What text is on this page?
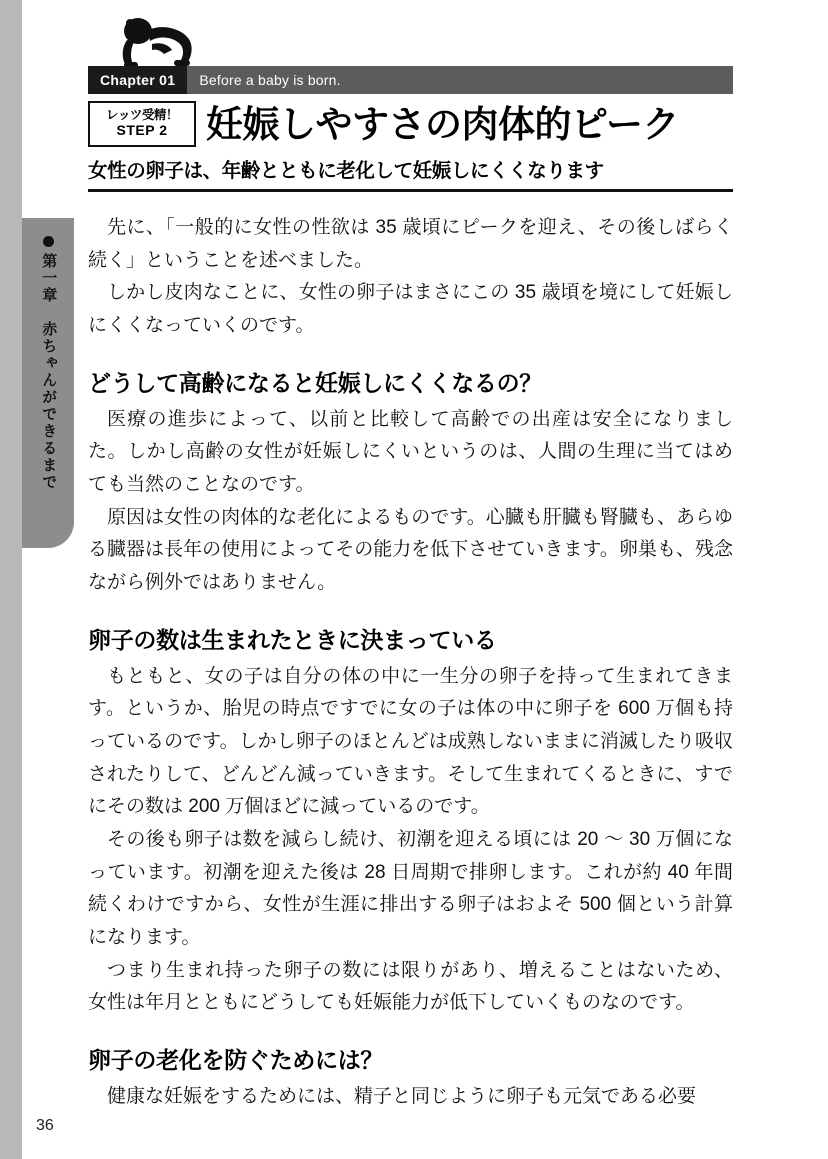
第一章　赤ちゃんができるまで
Chapter 01	Before a baby is born.
レッツ受精！
STEP 2 妊娠しやすさの肉体的ピーク
女性の卵子は、年齢とともに老化して妊娠しにくくなります

先に、「一般的に女性の性欲は 35 歳頃にピークを迎え、その後しばらく続く」ということを述べました。

しかし皮肉なことに、女性の卵子はまさにこの 35 歳頃を境にして妊娠しにくくなっていくのです。

どうして高齢になると妊娠しにくくなるの？

医療の進歩によって、以前と比較して高齢での出産は安全になりました。しかし高齢の女性が妊娠しにくいというのは、人間の生理に当てはめても当然のことなのです。

原因は女性の肉体的な老化によるものです。心臓も肝臓も腎臓も、あらゆる臓器は長年の使用によってその能力を低下させていきます。卵巣も、残念ながら例外ではありません。

卵子の数は生まれたときに決まっている

もともと、女の子は自分の体の中に一生分の卵子を持って生まれてきます。というか、胎児の時点ですでに女の子は体の中に卵子を 600 万個も持っているのです。しかし卵子のほとんどは成熟しないままに消滅したり吸収されたりして、どんどん減っていきます。そして生まれてくるときに、すでにその数は 200 万個ほどに減っているのです。

その後も卵子は数を減らし続け、初潮を迎える頃には 20 〜 30 万個になっています。初潮を迎えた後は 28 日周期で排卵します。これが約 40 年間続くわけですから、女性が生涯に排出する卵子はおよそ 500 個という計算になります。

つまり生まれ持った卵子の数には限りがあり、増えることはないため、女性は年月とともにどうしても妊娠能力が低下していくものなのです。

卵子の老化を防ぐためには？

健康な妊娠をするためには、精子と同じように卵子も元気である必要

36
